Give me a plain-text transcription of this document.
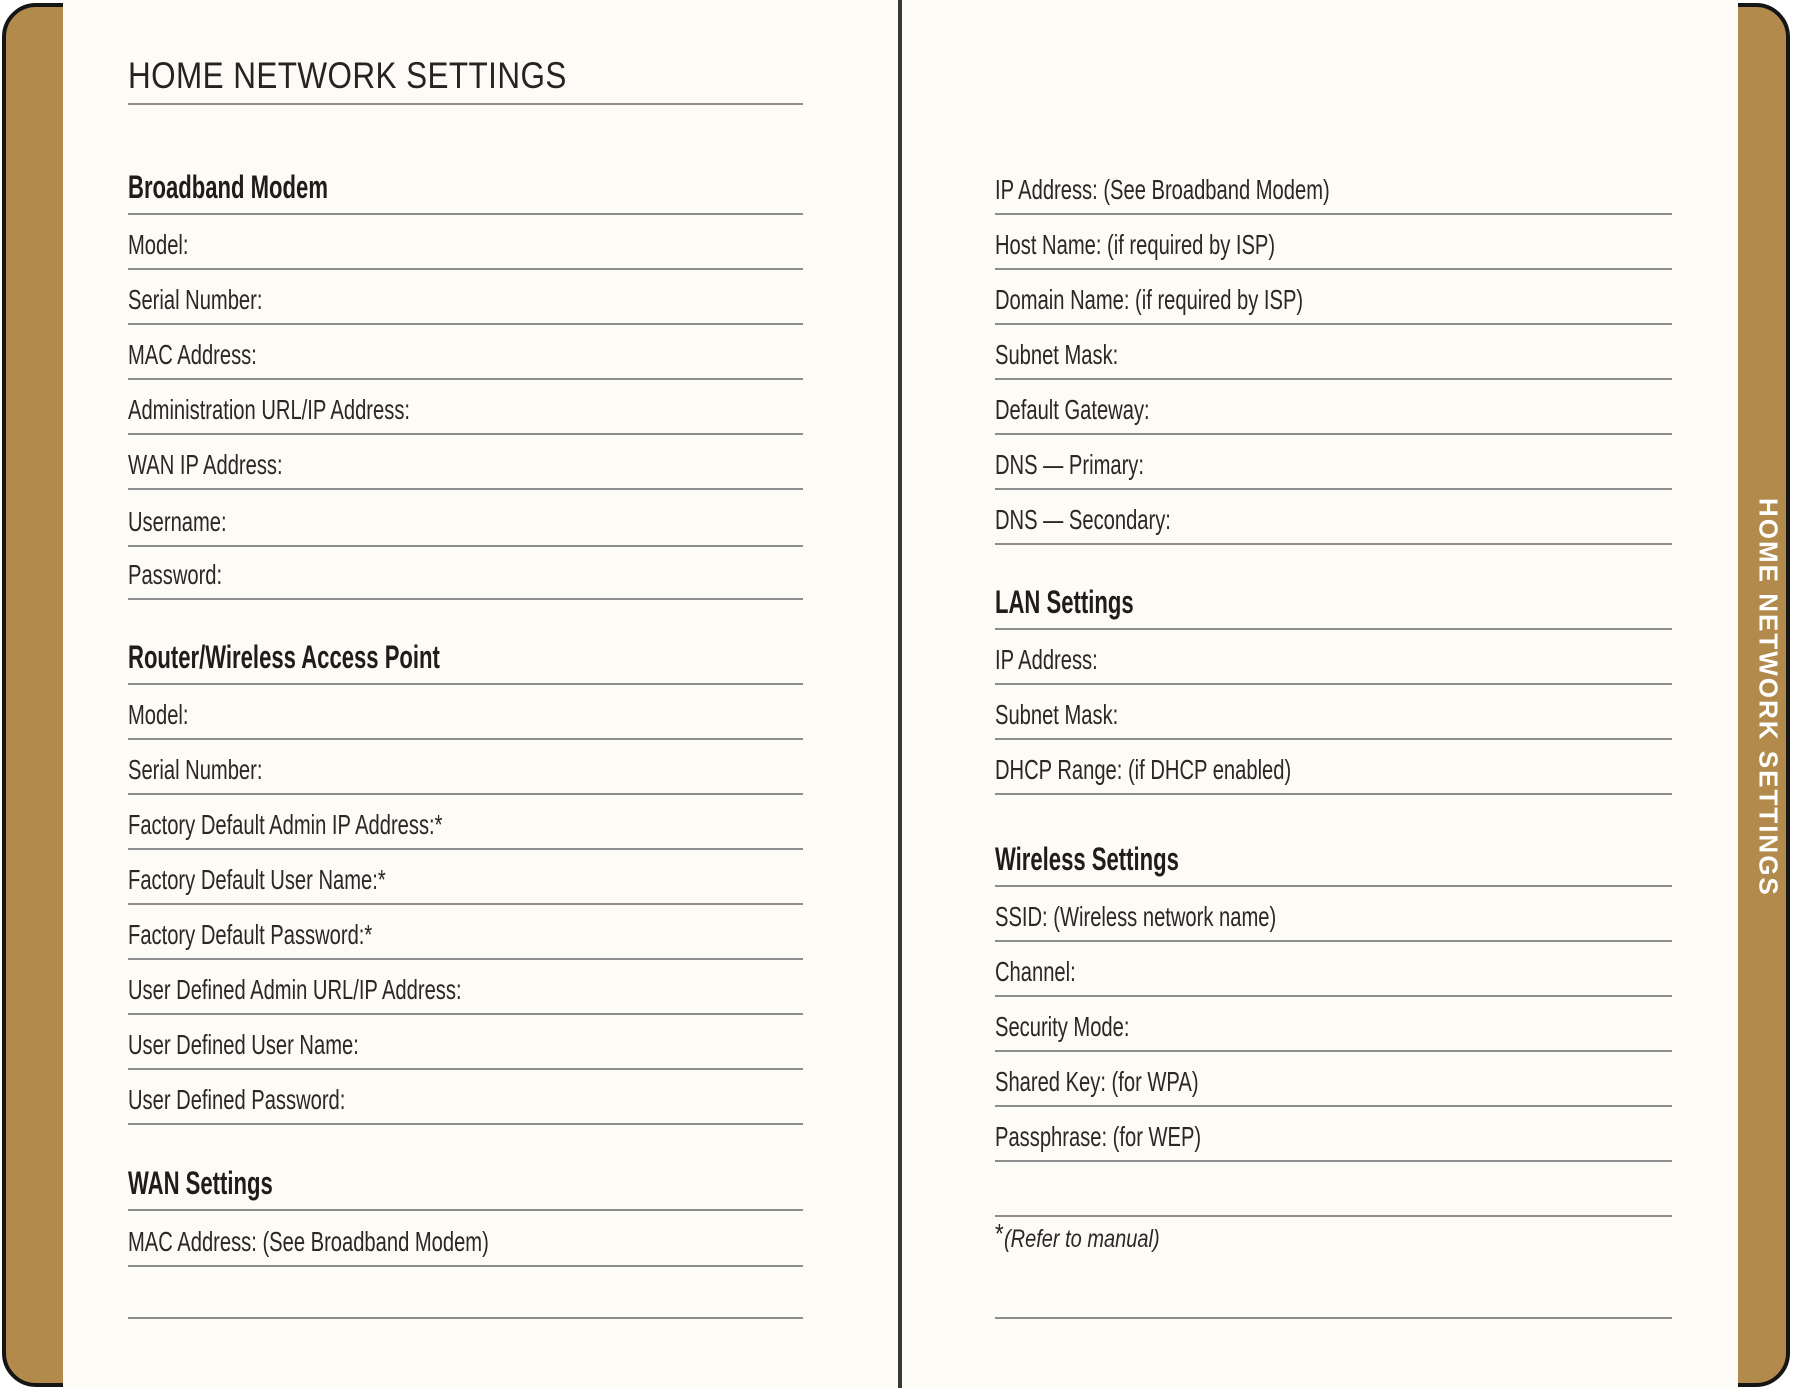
HOME NETWORK SETTINGS
Broadband Modem
Model:
Serial Number:
MAC Address:
Administration URL/IP Address:
WAN IP Address:
Username:
Password:
Router/Wireless Access Point
Model:
Serial Number:
Factory Default Admin IP Address:*
Factory Default User Name:*
Factory Default Password:*
User Defined Admin URL/IP Address:
User Defined User Name:
User Defined Password:
WAN Settings
MAC Address: (See Broadband Modem)	*(Refer to manual)
IP Address: (See Broadband Modem)
Host Name: (if required by ISP)
Domain Name: (if required by ISP)
Subnet Mask:
Default Gateway:
DNS — Primary:
DNS — Secondary:
LAN Settings
IP Address:
Subnet Mask:
DHCP Range: (if DHCP enabled)
Wireless Settings
SSID: (Wireless network name)
Channel:
Security Mode:
Shared Key: (for WPA)
Passphrase: (for WEP)
HOME NETWORK SETTINGS
